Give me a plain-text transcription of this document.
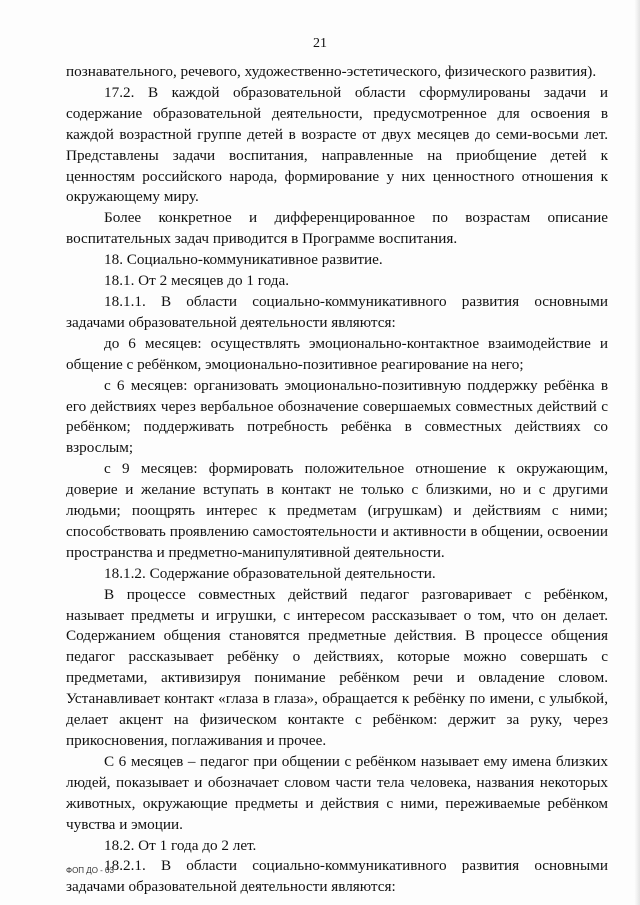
21

познавательного, речевого, художественно-эстетического, физического развития).

17.2. В каждой образовательной области сформулированы задачи и содержание образовательной деятельности, предусмотренное для освоения в каждой возрастной группе детей в возрасте от двух месяцев до семи-восьми лет. Представлены задачи воспитания, направленные на приобщение детей к ценностям российского народа, формирование у них ценностного отношения к окружающему миру.

Более конкретное и дифференцированное по возрастам описание воспитательных задач приводится в Программе воспитания.

18. Социально-коммуникативное развитие.

18.1. От 2 месяцев до 1 года.

18.1.1. В области социально-коммуникативного развития основными задачами образовательной деятельности являются:

до 6 месяцев: осуществлять эмоционально-контактное взаимодействие и общение с ребёнком, эмоционально-позитивное реагирование на него;

с 6 месяцев: организовать эмоционально-позитивную поддержку ребёнка в его действиях через вербальное обозначение совершаемых совместных действий с ребёнком; поддерживать потребность ребёнка в совместных действиях со взрослым;

с 9 месяцев: формировать положительное отношение к окружающим, доверие и желание вступать в контакт не только с близкими, но и с другими людьми; поощрять интерес к предметам (игрушкам) и действиям с ними; способствовать проявлению самостоятельности и активности в общении, освоении пространства и предметно-манипулятивной деятельности.

18.1.2. Содержание образовательной деятельности.

В процессе совместных действий педагог разговаривает с ребёнком, называет предметы и игрушки, с интересом рассказывает о том, что он делает. Содержанием общения становятся предметные действия. В процессе общения педагог рассказывает ребёнку о действиях, которые можно совершать с предметами, активизируя понимание ребёнком речи и овладение словом. Устанавливает контакт «глаза в глаза», обращается к ребёнку по имени, с улыбкой, делает акцент на физическом контакте с ребёнком: держит за руку, через прикосновения, поглаживания и прочее.

С 6 месяцев – педагог при общении с ребёнком называет ему имена близких людей, показывает и обозначает словом части тела человека, названия некоторых животных, окружающие предметы и действия с ними, переживаемые ребёнком чувства и эмоции.

18.2. От 1 года до 2 лет.

18.2.1. В области социально-коммуникативного развития основными задачами образовательной деятельности являются:

ФОП ДО - 03
